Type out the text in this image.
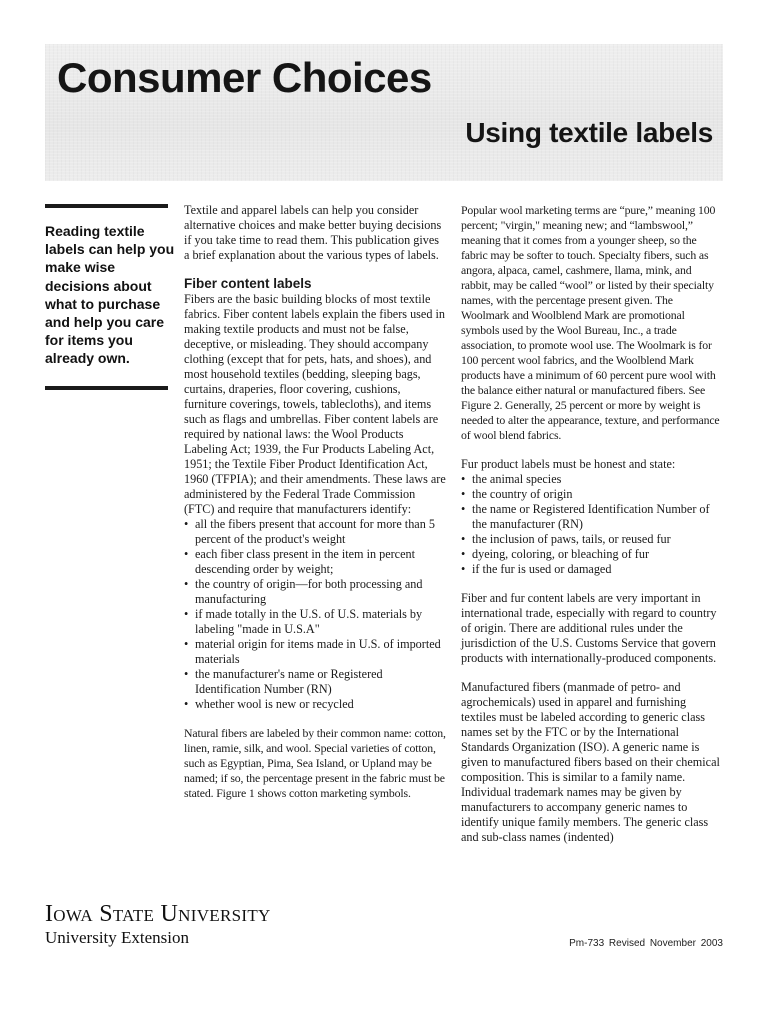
Consumer Choices
Using textile labels

Reading textile labels can help you make wise decisions about what to purchase and help you care for items you already own.

Textile and apparel labels can help you consider alternative choices and make better buying decisions if you take time to read them. This publication gives a brief explanation about the various types of labels.

Fiber content labels

Fibers are the basic building blocks of most textile fabrics. Fiber content labels explain the fibers used in making textile products and must not be false, deceptive, or misleading. They should accompany clothing (except that for pets, hats, and shoes), and most household textiles (bedding, sleeping bags, curtains, draperies, floor covering, cushions, furniture coverings, towels, tablecloths), and items such as flags and umbrellas. Fiber content labels are required by national laws: the Wool Products Labeling Act; 1939, the Fur Products Labeling Act, 1951; the Textile Fiber Product Identification Act, 1960 (TFPIA); and their amendments. These laws are administered by the Federal Trade Commission (FTC) and require that manufacturers identify:

• all the fibers present that account for more than 5 percent of the product's weight
• each fiber class present in the item in percent descending order by weight;
• the country of origin—for both processing and manufacturing
• if made totally in the U.S. of U.S. materials by labeling "made in U.S.A"
• material origin for items made in U.S. of imported materials
• the manufacturer's name or Registered Identification Number (RN)
• whether wool is new or recycled

Natural fibers are labeled by their common name: cotton, linen, ramie, silk, and wool. Special varieties of cotton, such as Egyptian, Pima, Sea Island, or Upland may be named; if so, the percentage present in the fabric must be stated. Figure 1 shows cotton marketing symbols.

Popular wool marketing terms are “pure,” meaning 100 percent; "virgin," meaning new; and “lambswool,” meaning that it comes from a younger sheep, so the fabric may be softer to touch. Specialty fibers, such as angora, alpaca, camel, cashmere, llama, mink, and rabbit, may be called “wool” or listed by their specialty names, with the percentage present given. The Woolmark and Woolblend Mark are promotional symbols used by the Wool Bureau, Inc., a trade association, to promote wool use. The Woolmark is for 100 percent wool fabrics, and the Woolblend Mark products have a minimum of 60 percent pure wool with the balance either natural or manufactured fibers. See Figure 2. Generally, 25 percent or more by weight is needed to alter the appearance, texture, and performance of wool blend fabrics.

Fur product labels must be honest and state:

• the animal species
• the country of origin
• the name or Registered Identification Number of the manufacturer (RN)
• the inclusion of paws, tails, or reused fur
• dyeing, coloring, or bleaching of fur
• if the fur is used or damaged

Fiber and fur content labels are very important in international trade, especially with regard to country of origin. There are additional rules under the jurisdiction of the U.S. Customs Service that govern products with internationally-produced components.

Manufactured fibers (manmade of petro- and agrochemicals) used in apparel and furnishing textiles must be labeled according to generic class names set by the FTC or by the International Standards Organization (ISO). A generic name is given to manufactured fibers based on their chemical composition. This is similar to a family name. Individual trademark names may be given by manufacturers to accompany generic names to identify unique family members. The generic class and sub-class names (indented)

Iowa State University
University Extension	Pm-733 Revised November 2003
